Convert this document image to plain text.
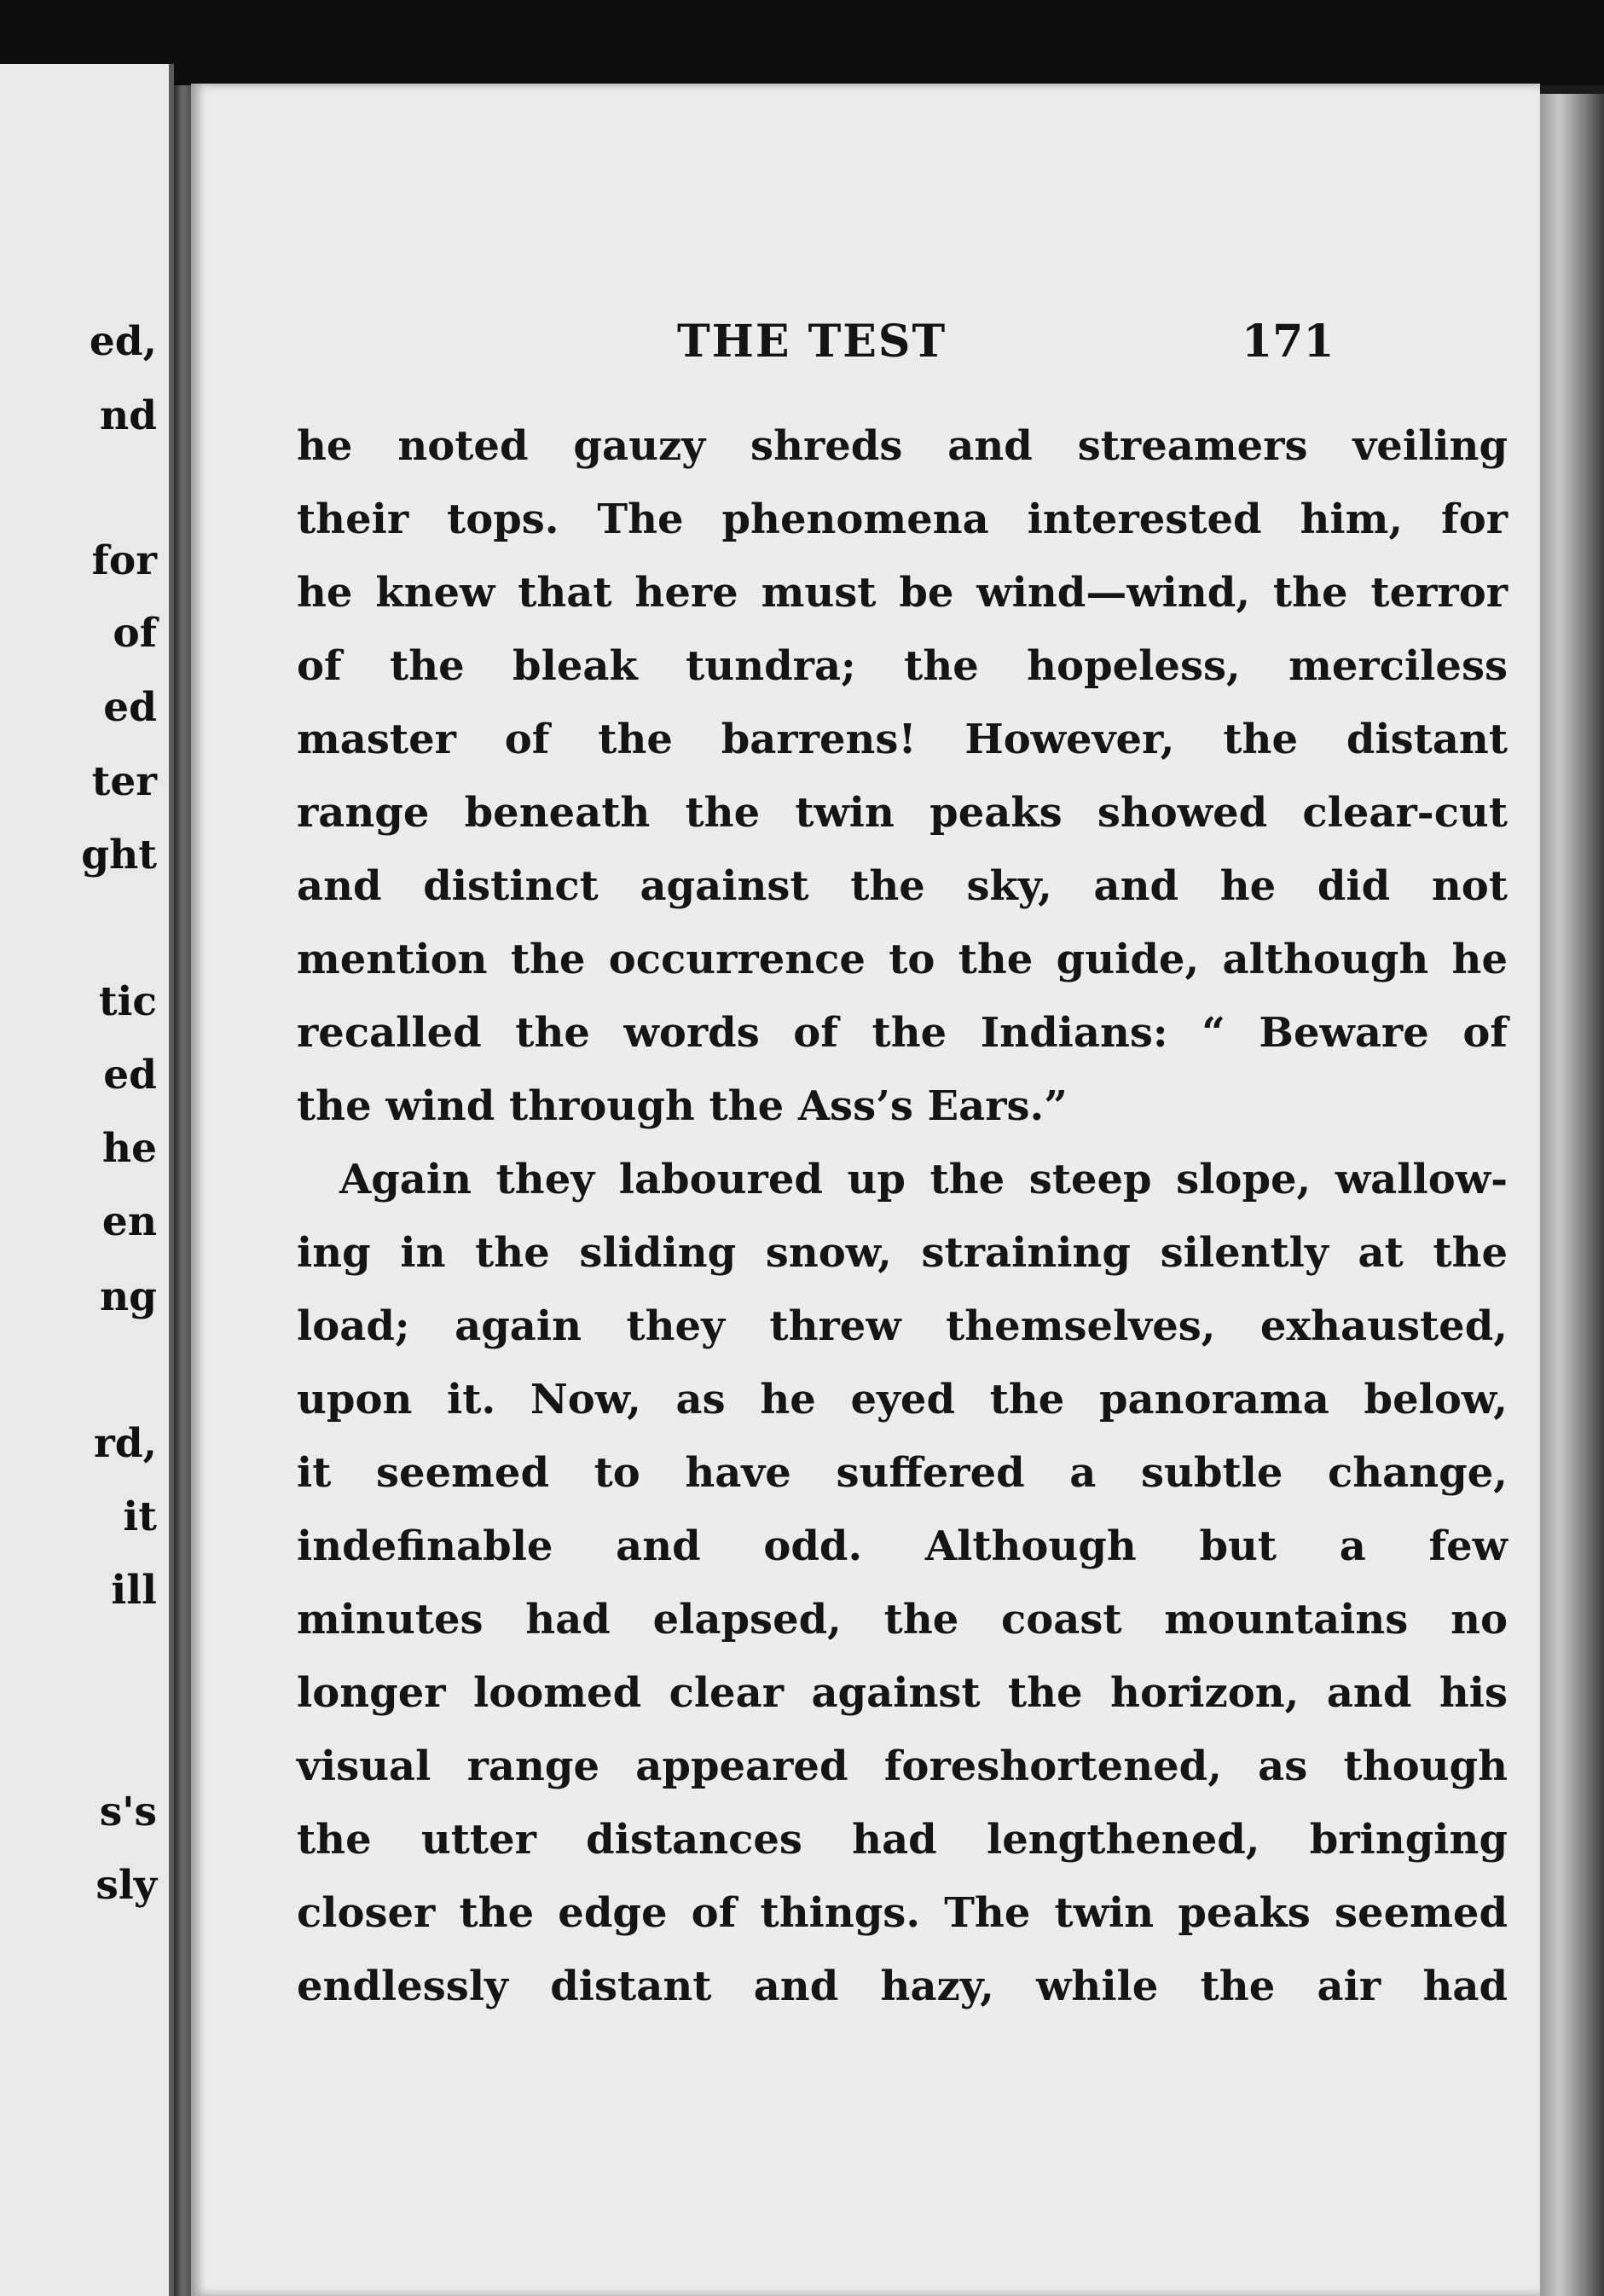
ed,
nd
for
of
ed
ter
ght
tic
ed
he
en
ng
rd,
it
ill
s's
sly
THE TEST	171
he noted gauzy shreds and streamers veiling
their tops. The phenomena interested him, for
he knew that here must be wind—wind, the terror
of the bleak tundra; the hopeless, merciless
master of the barrens! However, the distant
range beneath the twin peaks showed clear-cut
and distinct against the sky, and he did not
mention the occurrence to the guide, although he
recalled the words of the Indians: “ Beware of
the wind through the Ass’s Ears.”
Again they laboured up the steep slope, wallow-
ing in the sliding snow, straining silently at the
load; again they threw themselves, exhausted,
upon it. Now, as he eyed the panorama below,
it seemed to have suffered a subtle change,
indefinable and odd. Although but a few
minutes had elapsed, the coast mountains no
longer loomed clear against the horizon, and his
visual range appeared foreshortened, as though
the utter distances had lengthened, bringing
closer the edge of things. The twin peaks seemed
endlessly distant and hazy, while the air had
